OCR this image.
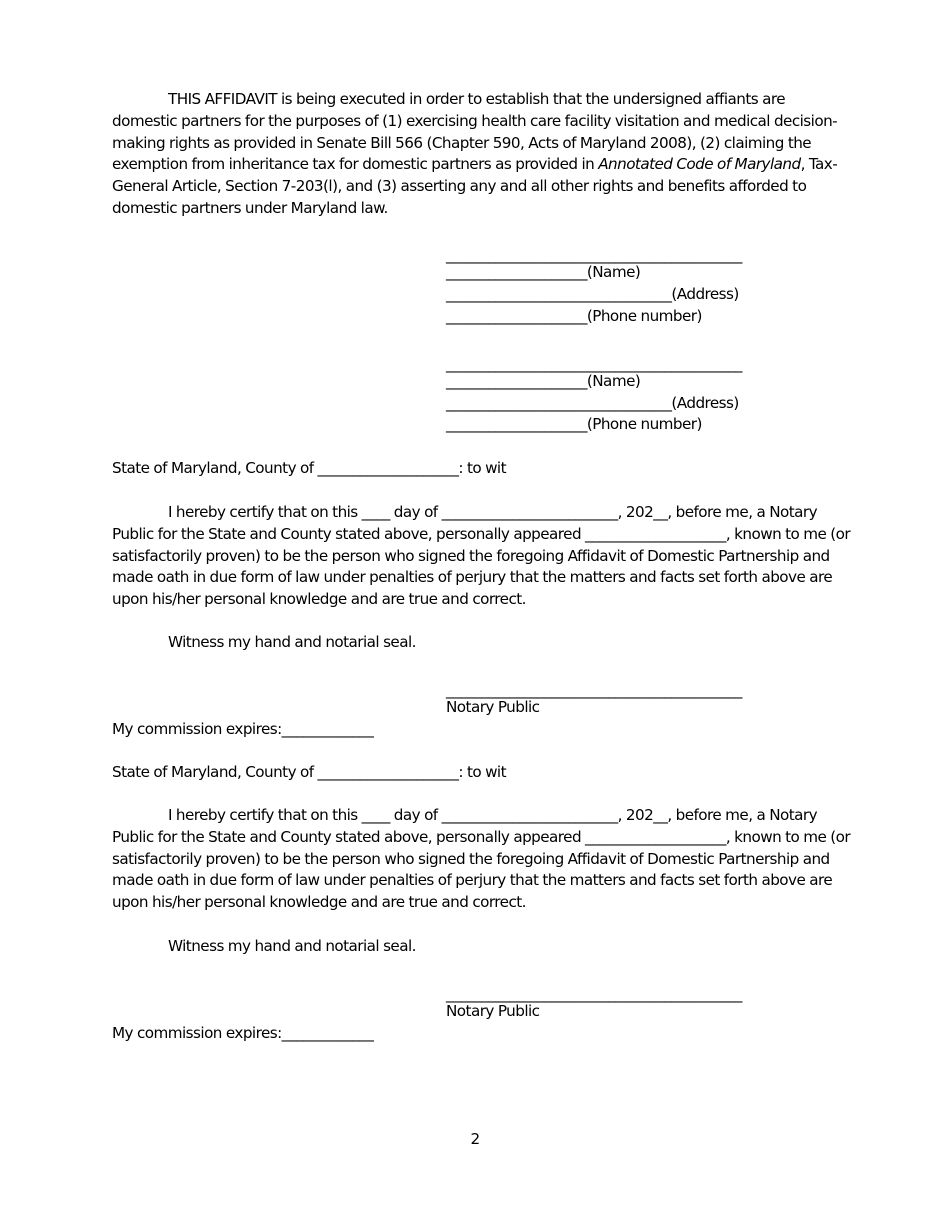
THIS AFFIDAVIT is being executed in order to establish that the undersigned affiants are domestic partners for the purposes of (1) exercising health care facility visitation and medical decision-making rights as provided in Senate Bill 566 (Chapter 590, Acts of Maryland 2008), (2) claiming the exemption from inheritance tax for domestic partners as provided in Annotated Code of Maryland, Tax-General Article, Section 7-203(l), and (3) asserting any and all other rights and benefits afforded to domestic partners under Maryland law.

__________________________________________
____________________(Name)
________________________________(Address)
____________________(Phone number)
__________________________________________
____________________(Name)
________________________________(Address)
____________________(Phone number)
State of Maryland, County of ____________________: to wit

I hereby certify that on this ____ day of _________________________, 202__, before me, a Notary Public for the State and County stated above, personally appeared ____________________, known to me (or satisfactorily proven) to be the person who signed the foregoing Affidavit of Domestic Partnership and made oath in due form of law under penalties of perjury that the matters and facts set forth above are upon his/her personal knowledge and are true and correct.

Witness my hand and notarial seal.

__________________________________________
Notary Public
My commission expires:_____________
State of Maryland, County of ____________________: to wit

I hereby certify that on this ____ day of _________________________, 202__, before me, a Notary Public for the State and County stated above, personally appeared ____________________, known to me (or satisfactorily proven) to be the person who signed the foregoing Affidavit of Domestic Partnership and made oath in due form of law under penalties of perjury that the matters and facts set forth above are upon his/her personal knowledge and are true and correct.

Witness my hand and notarial seal.

__________________________________________
Notary Public
My commission expires:_____________
2
